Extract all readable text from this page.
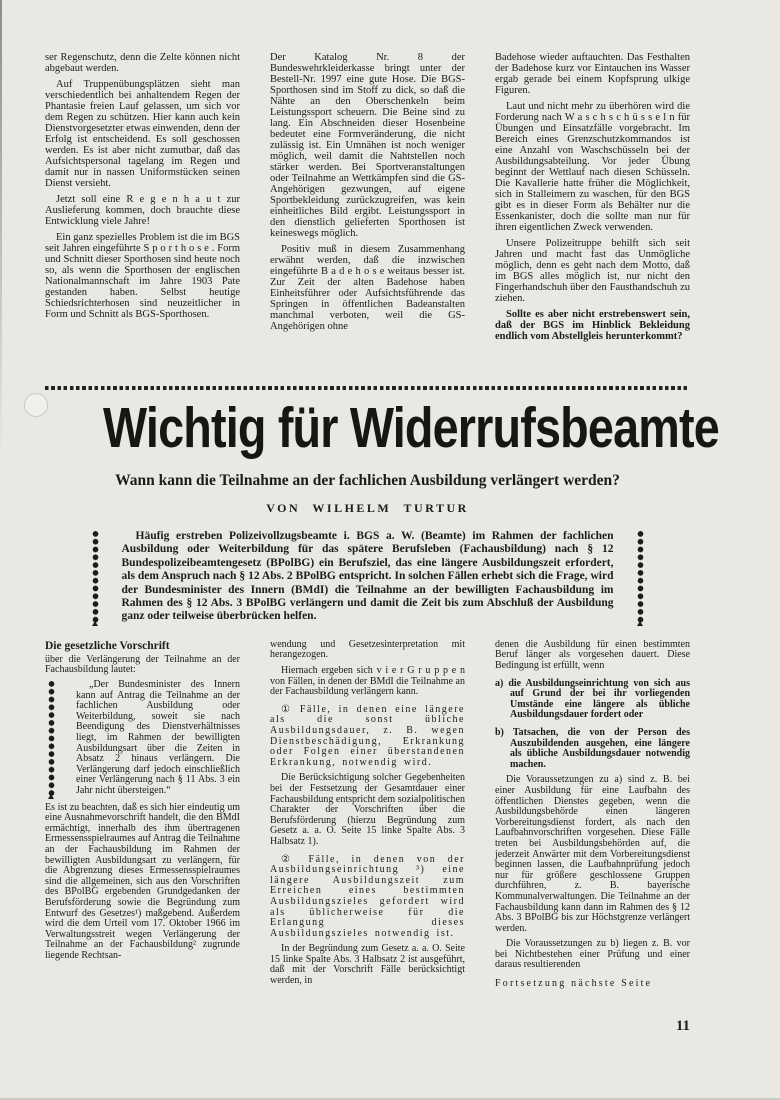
ser Regenschutz, denn die Zelte können nicht abgebaut werden.

Auf Truppenübungsplätzen sieht man verschiedentlich bei anhaltendem Regen der Phantasie freien Lauf gelassen, um sich vor dem Regen zu schützen. Hier kann auch kein Dienstvorgesetzter etwas einwenden, denn der Erfolg ist entscheidend. Es soll geschossen werden. Es ist aber nicht zumutbar, daß das Aufsichtspersonal tagelang im Regen und damit nur in nassen Uniformstücken seinen Dienst versieht.

Jetzt soll eine R e g e n h a u t zur Auslieferung kommen, doch brauchte diese Entwicklung viele Jahre!

Ein ganz spezielles Problem ist die im BGS seit Jahren eingeführte S p o r t h o s e . Form und Schnitt dieser Sporthosen sind heute noch so, als wenn die Sporthosen der englischen Nationalmannschaft im Jahre 1903 Pate gestanden haben. Selbst heutige Schiedsrichterhosen sind neuzeitlicher in Form und Schnitt als BGS-Sporthosen.

Der Katalog Nr. 8 der Bundeswehrkleiderkasse bringt unter der Bestell-Nr. 1997 eine gute Hose. Die BGS-Sporthosen sind im Stoff zu dick, so daß die Nähte an den Oberschenkeln beim Leistungssport scheuern. Die Beine sind zu lang. Ein Abschneiden dieser Hosenbeine bedeutet eine Formveränderung, die nicht zulässig ist. Ein Umnähen ist noch weniger möglich, weil damit die Nahtstellen noch stärker werden. Bei Sportveranstaltungen oder Teilnahme an Wettkämpfen sind die GS-Angehörigen gezwungen, auf eigene Sportbekleidung zurückzugreifen, was kein einheitliches Bild ergibt. Leistungssport in den dienstlich gelieferten Sporthosen ist keineswegs möglich.

Positiv muß in diesem Zusammenhang erwähnt werden, daß die inzwischen eingeführte B a d e h o s e weitaus besser ist. Zur Zeit der alten Badehose haben Einheitsführer oder Aufsichtsführende das Springen in öffentlichen Badeanstalten manchmal verboten, weil die GS-Angehörigen ohne

Badehose wieder auftauchten. Das Festhalten der Badehose kurz vor Eintauchen ins Wasser ergab gerade bei einem Kopfsprung ulkige Figuren.

Laut und nicht mehr zu überhören wird die Forderung nach W a s c h s c h ü s s e l n für Übungen und Einsatzfälle vorgebracht. Im Bereich eines Grenzschutzkommandos ist eine Anzahl von Waschschüsseln bei der Ausbildungsabteilung. Vor jeder Übung beginnt der Wettlauf nach diesen Schüsseln. Die Kavallerie hatte früher die Möglichkeit, sich in Stalleimern zu waschen, für den BGS gibt es in dieser Form als Behälter nur die Essenkanister, doch die sollte man nur für ihren eigentlichen Zweck verwenden.

Unsere Polizeitruppe behilft sich seit Jahren und macht fast das Unmögliche möglich, denn es geht nach dem Motto, daß im BGS alles möglich ist, nur nicht den Fingerhandschuh über den Fausthandschuh zu ziehen.

Sollte es aber nicht erstrebenswert sein, daß der BGS im Hinblick Bekleidung endlich vom Abstellgleis herunterkommt?

Wichtig für Widerrufsbeamte
Wann kann die Teilnahme an der fachlichen Ausbildung verlängert werden?
VON WILHELM TURTUR

Häufig erstreben Polizeivollzugsbeamte i. BGS a. W. (Beamte) im Rahmen der fachlichen Ausbildung oder Weiterbildung für das spätere Berufsleben (Fachausbildung) nach § 12 Bundespolizeibeamtengesetz (BPolBG) ein Berufsziel, das eine längere Ausbildungszeit erfordert, als dem Anspruch nach § 12 Abs. 2 BPolBG entspricht. In solchen Fällen erhebt sich die Frage, wird der Bundesminister des Innern (BMdI) die Teilnahme an der bewilligten Fachausbildung im Rahmen des § 12 Abs. 3 BPolBG verlängern und damit die Zeit bis zum Abschluß der Ausbildung ganz oder teilweise überbrücken helfen.

Die gesetzliche Vorschrift

über die Verlängerung der Teilnahme an der Fachausbildung lautet:

„Der Bundesminister des Innern kann auf Antrag die Teilnahme an der fachlichen Ausbildung oder Weiterbildung, soweit sie nach Beendigung des Dienstverhältnisses liegt, im Rahmen der bewilligten Ausbildungsart über die Zeiten in Absatz 2 hinaus verlängern. Die Verlängerung darf jedoch einschließlich einer Verlängerung nach § 11 Abs. 3 ein Jahr nicht übersteigen.“

Es ist zu beachten, daß es sich hier eindeutig um eine Ausnahmevorschrift handelt, die den BMdI ermächtigt, innerhalb des ihm übertragenen Ermessensspielraumes auf Antrag die Teilnahme an der Fachausbildung im Rahmen der bewilligten Ausbildungsart zu verlängern, für die Abgrenzung dieses Ermessensspielraumes sind die allgemeinen, sich aus den Vorschriften des BPolBG ergebenden Grundgedanken der Berufsförderung sowie die Begründung zum Entwurf des Gesetzes¹) maßgebend. Außerdem wird die dem Urteil vom 17. Oktober 1966 im Verwaltungsstreit wegen Verlängerung der Teilnahme an der Fachausbildung² zugrunde liegende Rechtsan-

wendung und Gesetzesinterpretation mit herangezogen.

Hiernach ergeben sich v i e r G r u p p e n von Fällen, in denen der BMdI die Teilnahme an der Fachausbildung verlängern kann.

① Fälle, in denen eine längere als die sonst übliche Ausbildungsdauer, z. B. wegen Dienstbeschädigung, Erkrankung oder Folgen einer überstandenen Erkrankung, notwendig wird.

Die Berücksichtigung solcher Gegebenheiten bei der Festsetzung der Gesamtdauer einer Fachausbildung entspricht dem sozialpolitischen Charakter der Vorschriften über die Berufsförderung (hierzu Begründung zum Gesetz a. a. O. Seite 15 linke Spalte Abs. 3 Halbsatz 1).

② Fälle, in denen von der Ausbildungseinrichtung ³) eine längere Ausbildungszeit zum Erreichen eines bestimmten Ausbildungszieles gefordert wird als üblicherweise für die Erlangung dieses Ausbildungszieles notwendig ist.

In der Begründung zum Gesetz a. a. O. Seite 15 linke Spalte Abs. 3 Halbsatz 2 ist ausgeführt, daß mit der Vorschrift Fälle berücksichtigt werden, in

denen die Ausbildung für einen bestimmten Beruf länger als vorgesehen dauert. Diese Bedingung ist erfüllt, wenn

a) die Ausbildungseinrichtung von sich aus auf Grund der bei ihr vorliegenden Umstände eine längere als übliche Ausbildungsdauer fordert oder

b) Tatsachen, die von der Person des Auszubildenden ausgehen, eine längere als übliche Ausbildungsdauer notwendig machen.

Die Voraussetzungen zu a) sind z. B. bei einer Ausbildung für eine Laufbahn des öffentlichen Dienstes gegeben, wenn die Ausbildungsbehörde einen längeren Vorbereitungsdienst fordert, als nach den Laufbahnvorschriften vorgesehen. Diese Fälle treten bei Ausbildungsbehörden auf, die jederzeit Anwärter mit dem Vorbereitungsdienst beginnen lassen, die Laufbahnprüfung jedoch nur für größere geschlossene Gruppen durchführen, z. B. bayerische Kommunalverwaltungen. Die Teilnahme an der Fachausbildung kann dann im Rahmen des § 12 Abs. 3 BPolBG bis zur Höchstgrenze verlängert werden.

Die Voraussetzungen zu b) liegen z. B. vor bei Nichtbestehen einer Prüfung und einer daraus resultierenden

Fortsetzung nächste Seite

11
